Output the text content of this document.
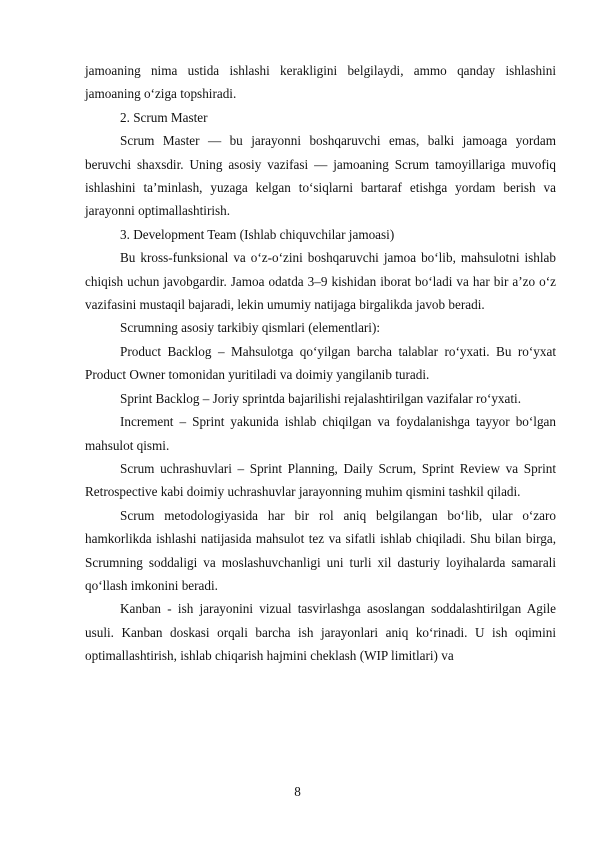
jamoaning nima ustida ishlashi kerakligini belgilaydi, ammo qanday ishlashini jamoaning o‘ziga topshiradi.

2. Scrum Master

Scrum Master — bu jarayonni boshqaruvchi emas, balki jamoaga yordam beruvchi shaxsdir. Uning asosiy vazifasi — jamoaning Scrum tamoyillariga muvofiq ishlashini ta’minlash, yuzaga kelgan to‘siqlarni bartaraf etishga yordam berish va jarayonni optimallashtirish.

3. Development Team (Ishlab chiquvchilar jamoasi)

Bu kross-funksional va o‘z-o‘zini boshqaruvchi jamoa bo‘lib, mahsulotni ishlab chiqish uchun javobgardir. Jamoa odatda 3–9 kishidan iborat bo‘ladi va har bir a’zo o‘z vazifasini mustaqil bajaradi, lekin umumiy natijaga birgalikda javob beradi.

Scrumning asosiy tarkibiy qismlari (elementlari):

Product Backlog – Mahsulotga qo‘yilgan barcha talablar ro‘yxati. Bu ro‘yxat Product Owner tomonidan yuritiladi va doimiy yangilanib turadi.

Sprint Backlog – Joriy sprintda bajarilishi rejalashtirilgan vazifalar ro‘yxati.

Increment – Sprint yakunida ishlab chiqilgan va foydalanishga tayyor bo‘lgan mahsulot qismi.

Scrum uchrashuvlari – Sprint Planning, Daily Scrum, Sprint Review va Sprint Retrospective kabi doimiy uchrashuvlar jarayonning muhim qismini tashkil qiladi.

Scrum metodologiyasida har bir rol aniq belgilangan bo‘lib, ular o‘zaro hamkorlikda ishlashi natijasida mahsulot tez va sifatli ishlab chiqiladi. Shu bilan birga, Scrumning soddaligi va moslashuvchanligi uni turli xil dasturiy loyihalarda samarali qo‘llash imkonini beradi.

Kanban - ish jarayonini vizual tasvirlashga asoslangan soddalashtirilgan Agile usuli. Kanban doskasi orqali barcha ish jarayonlari aniq ko‘rinadi. U ish oqimini optimallashtirish, ishlab chiqarish hajmini cheklash (WIP limitlari) va

8
